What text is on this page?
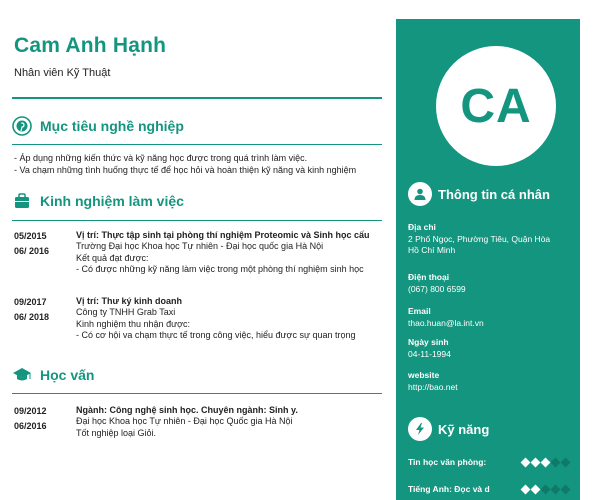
Cam Anh Hạnh
Nhân viên Kỹ Thuật
Mục tiêu nghề nghiệp
- Áp dụng những kiến thức và kỹ năng học được trong quá trình làm việc.
- Va chạm những tình huống thực tế để học hỏi và hoàn thiện kỹ năng và kinh nghiệm
Kinh nghiệm làm việc
05/2015
06/ 2016
Vị trí: Thực tập sinh tại phòng thí nghiệm Proteomic và Sinh học cấu
Trường Đại học Khoa học Tự nhiên - Đại học quốc gia Hà Nội
Kết quả đạt được:
- Có được những kỹ năng làm việc trong một phòng thí nghiệm sinh học
09/2017
06/ 2018
Vị trí: Thư ký kinh doanh
Công ty TNHH Grab Taxi
Kinh nghiệm thu nhận được:
- Có cơ hội va chạm thực tế trong công việc, hiểu được sự quan trọng
Học vấn
09/2012
06/2016
Ngành: Công nghệ sinh học. Chuyên ngành: Sinh y.
Đại học Khoa học Tự nhiên - Đại học Quốc gia Hà Nội
Tốt nghiệp loại Giỏi.
CA
Thông tin cá nhân
Địa chỉ
2 Phố Ngọc, Phường Tiêu, Quận Hòa
Hồ Chí Minh
Điện thoại
(067) 800 6599
Email
thao.huan@la.int.vn
Ngày sinh
04-11-1994
website
http://bao.net
Kỹ năng
Tin học văn phòng:
Tiếng Anh: Đọc và d
